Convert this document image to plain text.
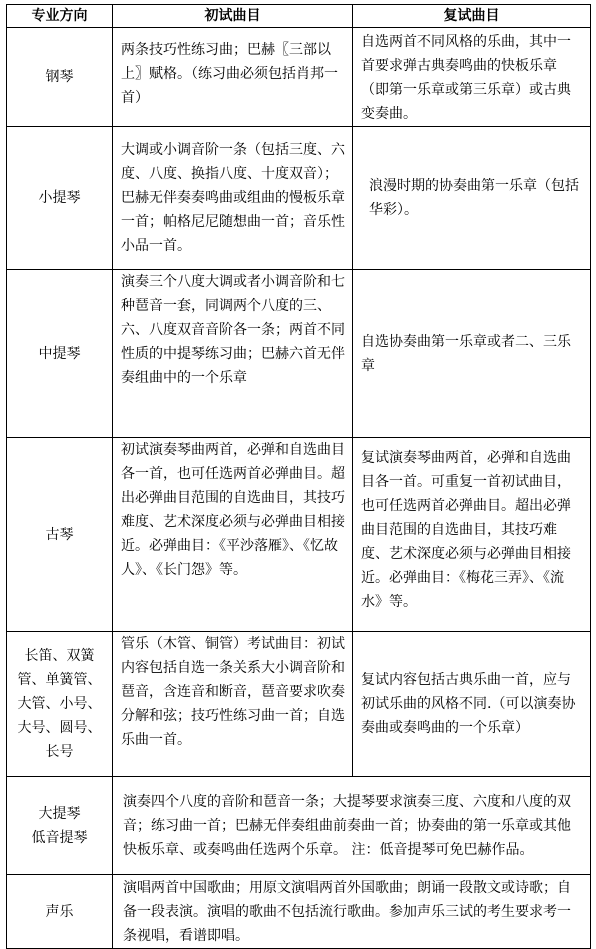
专业方向	初试曲目	复试曲目
钢琴	两条技巧性练习曲；巴赫〖三部以上〗赋格。（练习曲必须包括肖邦一首）	自选两首不同风格的乐曲，其中一首要求弹古典奏鸣曲的快板乐章（即第一乐章或第三乐章）或古典变奏曲。
小提琴	大调或小调音阶一条（包括三度、六度、八度、换指八度、十度双音）；巴赫无伴奏奏鸣曲或组曲的慢板乐章一首；帕格尼尼随想曲一首；音乐性小品一首。	浪漫时期的协奏曲第一乐章（包括华彩）。
中提琴	演奏三个八度大调或者小调音阶和七种琶音一套，同调两个八度的三、六、八度双音音阶各一条；两首不同性质的中提琴练习曲；巴赫六首无伴奏组曲中的一个乐章	自选协奏曲第一乐章或者二、三乐章
古琴	初试演奏琴曲两首，必弹和自选曲目各一首，也可任选两首必弹曲目。超出必弹曲目范围的自选曲目，其技巧难度、艺术深度必须与必弹曲目相接近。必弹曲目：《平沙落雁》、《忆故人》、《长门怨》等。	复试演奏琴曲两首，必弹和自选曲目各一首。可重复一首初试曲目，也可任选两首必弹曲目。超出必弹曲目范围的自选曲目，其技巧难度、艺术深度必须与必弹曲目相接近。必弹曲目：《梅花三弄》、《流水》等。
长笛、双簧管、单簧管、大管、小号、大号、圆号、长号	管乐（木管、铜管）考试曲目：初试内容包括自选一条关系大小调音阶和琶音，含连音和断音，琶音要求吹奏分解和弦；技巧性练习曲一首；自选乐曲一首。	复试内容包括古典乐曲一首，应与初试乐曲的风格不同.（可以演奏协奏曲或奏鸣曲的一个乐章）

大提琴
低音提琴	演奏四个八度的音阶和琶音一条；大提琴要求演奏三度、六度和八度的双音；练习曲一首；巴赫无伴奏组曲前奏曲一首；协奏曲的第一乐章或其他快板乐章、或奏鸣曲任选两个乐章。 注：低音提琴可免巴赫作品。	
声乐	演唱两首中国歌曲；用原文演唱两首外国歌曲；朗诵一段散文或诗歌；自备一段表演。演唱的歌曲不包括流行歌曲。参加声乐三试的考生要求考一条视唱，看谱即唱。	
